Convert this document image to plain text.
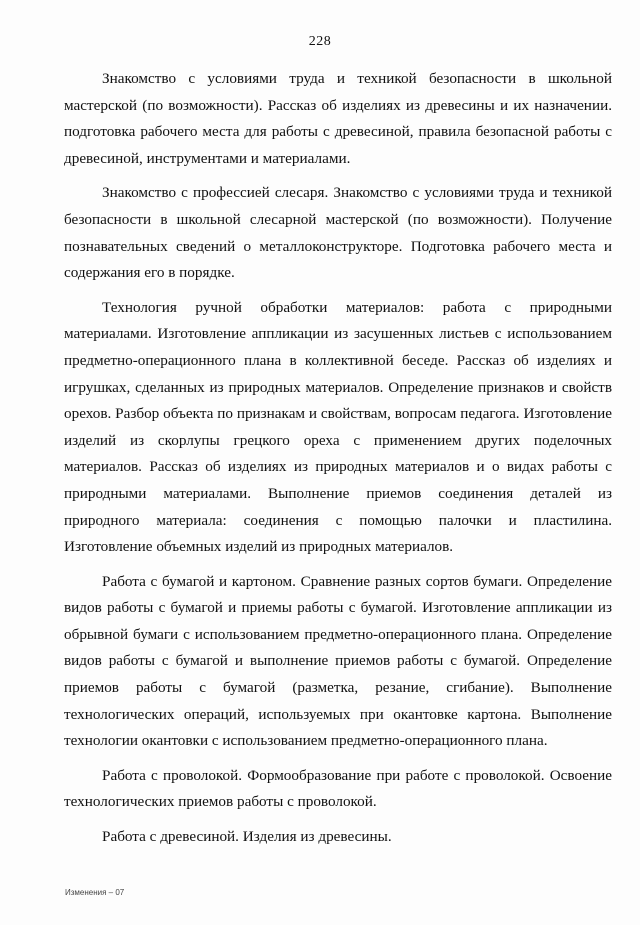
228

Знакомство с условиями труда и техникой безопасности в школьной мастерской (по возможности). Рассказ об изделиях из древесины и их назначении. подготовка рабочего места для работы с древесиной, правила безопасной работы с древесиной, инструментами и материалами.

Знакомство с профессией слесаря. Знакомство с условиями труда и техникой безопасности в школьной слесарной мастерской (по возможности). Получение познавательных сведений о металлоконструкторе. Подготовка рабочего места и содержания его в порядке.

Технология ручной обработки материалов: работа с природными материалами. Изготовление аппликации из засушенных листьев с использованием предметно-операционного плана в коллективной беседе. Рассказ об изделиях и игрушках, сделанных из природных материалов. Определение признаков и свойств орехов. Разбор объекта по признакам и свойствам, вопросам педагога. Изготовление изделий из скорлупы грецкого ореха с применением других поделочных материалов. Рассказ об изделиях из природных материалов и о видах работы с природными материалами. Выполнение приемов соединения деталей из природного материала: соединения с помощью палочки и пластилина. Изготовление объемных изделий из природных материалов.

Работа с бумагой и картоном. Сравнение разных сортов бумаги. Определение видов работы с бумагой и приемы работы с бумагой. Изготовление аппликации из обрывной бумаги с использованием предметно-операционного плана. Определение видов работы с бумагой и выполнение приемов работы с бумагой. Определение приемов работы с бумагой (разметка, резание, сгибание). Выполнение технологических операций, используемых при окантовке картона. Выполнение технологии окантовки с использованием предметно-операционного плана.

Работа с проволокой. Формообразование при работе с проволокой. Освоение технологических приемов работы с проволокой.

Работа с древесиной. Изделия из древесины.

Изменения – 07
